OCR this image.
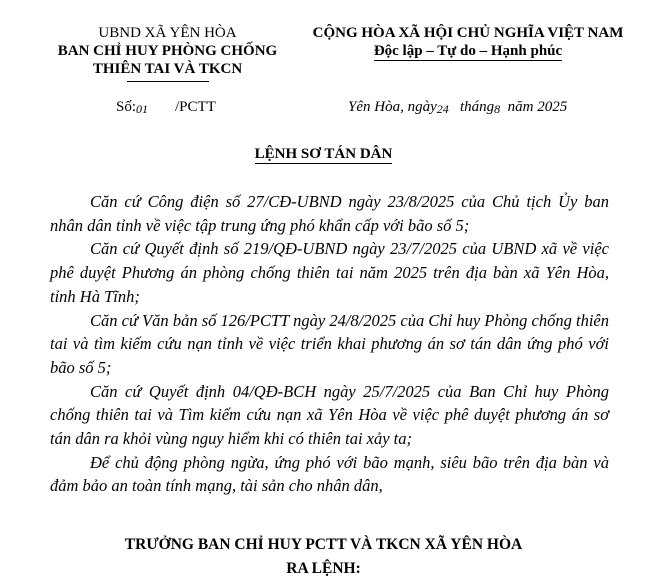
UBND XÃ YÊN HÒA
BAN CHỈ HUY PHÒNG CHỐNG
THIÊN TAI VÀ TKCN
CỘNG HÒA XÃ HỘI CHỦ NGHĨA VIỆT NAM
Độc lập – Tự do – Hạnh phúc
Số:01 /PCTT	Yên Hòa, ngày24 tháng8 năm 2025
LỆNH SƠ TÁN DÂN

Căn cứ Công điện số 27/CĐ-UBND ngày 23/8/2025 của Chủ tịch Ủy ban nhân dân tỉnh về việc tập trung ứng phó khẩn cấp với bão số 5;

Căn cứ Quyết định số 219/QĐ-UBND ngày 23/7/2025 của UBND xã về việc phê duyệt Phương án phòng chống thiên tai năm 2025 trên địa bàn xã Yên Hòa, tỉnh Hà Tĩnh;

Căn cứ Văn bản số 126/PCTT ngày 24/8/2025 của Chỉ huy Phòng chống thiên tai và tìm kiếm cứu nạn tỉnh về việc triển khai phương án sơ tán dân ứng phó với bão số 5;

Căn cứ Quyết định 04/QĐ-BCH ngày 25/7/2025 của Ban Chỉ huy Phòng chống thiên tai và Tìm kiếm cứu nạn xã Yên Hòa về việc phê duyệt phương án sơ tán dân ra khỏi vùng nguy hiểm khi có thiên tai xảy ta;

Để chủ động phòng ngừa, ứng phó với bão mạnh, siêu bão trên địa bàn và đảm bảo an toàn tính mạng, tài sản cho nhân dân,

TRƯỞNG BAN CHỈ HUY PCTT VÀ TKCN XÃ YÊN HÒA
RA LỆNH:
